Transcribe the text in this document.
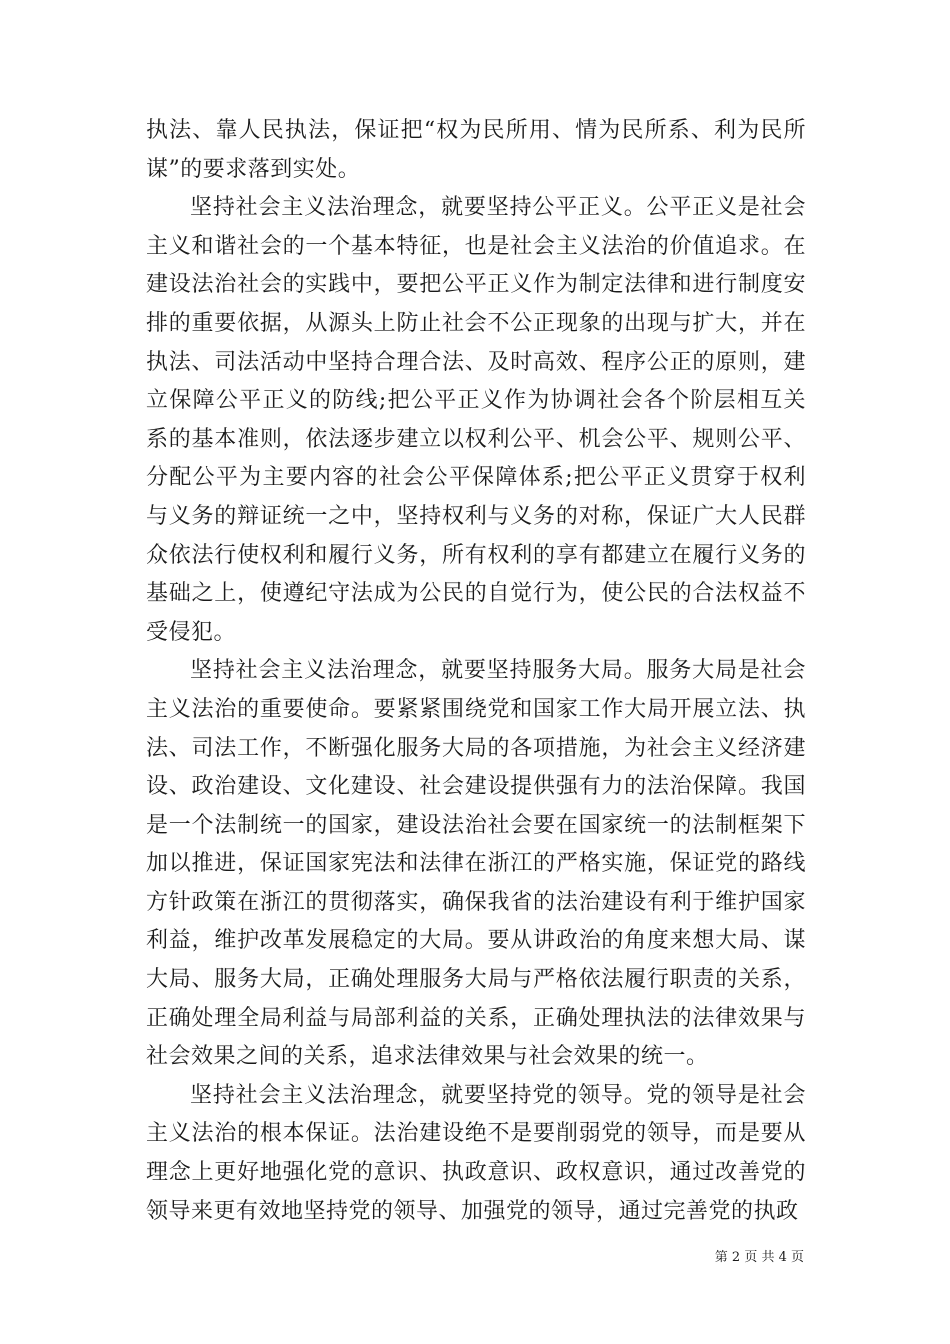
执法、靠人民执法，保证把“权为民所用、情为民所系、利为民所谋”的要求落到实处。

坚持社会主义法治理念，就要坚持公平正义。公平正义是社会主义和谐社会的一个基本特征，也是社会主义法治的价值追求。在建设法治社会的实践中，要把公平正义作为制定法律和进行制度安排的重要依据，从源头上防止社会不公正现象的出现与扩大，并在执法、司法活动中坚持合理合法、及时高效、程序公正的原则，建立保障公平正义的防线;把公平正义作为协调社会各个阶层相互关系的基本准则，依法逐步建立以权利公平、机会公平、规则公平、分配公平为主要内容的社会公平保障体系;把公平正义贯穿于权利与义务的辩证统一之中，坚持权利与义务的对称，保证广大人民群众依法行使权利和履行义务，所有权利的享有都建立在履行义务的基础之上，使遵纪守法成为公民的自觉行为，使公民的合法权益不受侵犯。

坚持社会主义法治理念，就要坚持服务大局。服务大局是社会主义法治的重要使命。要紧紧围绕党和国家工作大局开展立法、执法、司法工作，不断强化服务大局的各项措施，为社会主义经济建设、政治建设、文化建设、社会建设提供强有力的法治保障。我国是一个法制统一的国家，建设法治社会要在国家统一的法制框架下加以推进，保证国家宪法和法律在浙江的严格实施，保证党的路线方针政策在浙江的贯彻落实，确保我省的法治建设有利于维护国家利益，维护改革发展稳定的大局。要从讲政治的角度来想大局、谋大局、服务大局，正确处理服务大局与严格依法履行职责的关系，正确处理全局利益与局部利益的关系，正确处理执法的法律效果与社会效果之间的关系，追求法律效果与社会效果的统一。

坚持社会主义法治理念，就要坚持党的领导。党的领导是社会主义法治的根本保证。法治建设绝不是要削弱党的领导，而是要从理念上更好地强化党的意识、执政意识、政权意识，通过改善党的领导来更有效地坚持党的领导、加强党的领导，通过完善党的执政

第 2 页 共 4 页
